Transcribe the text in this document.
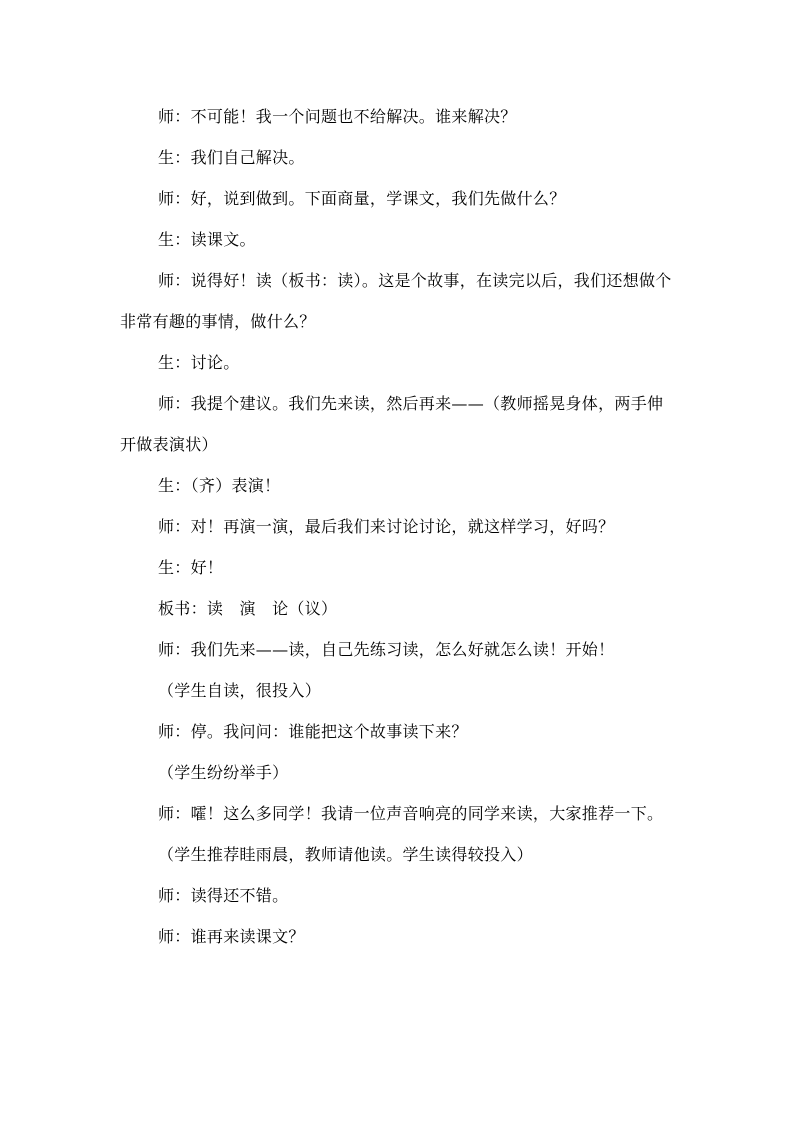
师：不可能！我一个问题也不给解决。谁来解决？

生：我们自己解决。

师：好，说到做到。下面商量，学课文，我们先做什么？

生：读课文。

师：说得好！读（板书：读）。这是个故事，在读完以后，我们还想做个非常有趣的事情，做什么？

生：讨论。

师：我提个建议。我们先来读，然后再来——（教师摇晃身体，两手伸开做表演状）

生：（齐）表演！

师：对！再演一演，最后我们来讨论讨论，就这样学习，好吗？

生：好！

板书：读　演　论（议）

师：我们先来——读，自己先练习读，怎么好就怎么读！开始！

（学生自读，很投入）

师：停。我问问：谁能把这个故事读下来？

（学生纷纷举手）

师：嚯！这么多同学！我请一位声音响亮的同学来读，大家推荐一下。

（学生推荐眭雨晨，教师请他读。学生读得较投入）

师：读得还不错。

师：谁再来读课文？
